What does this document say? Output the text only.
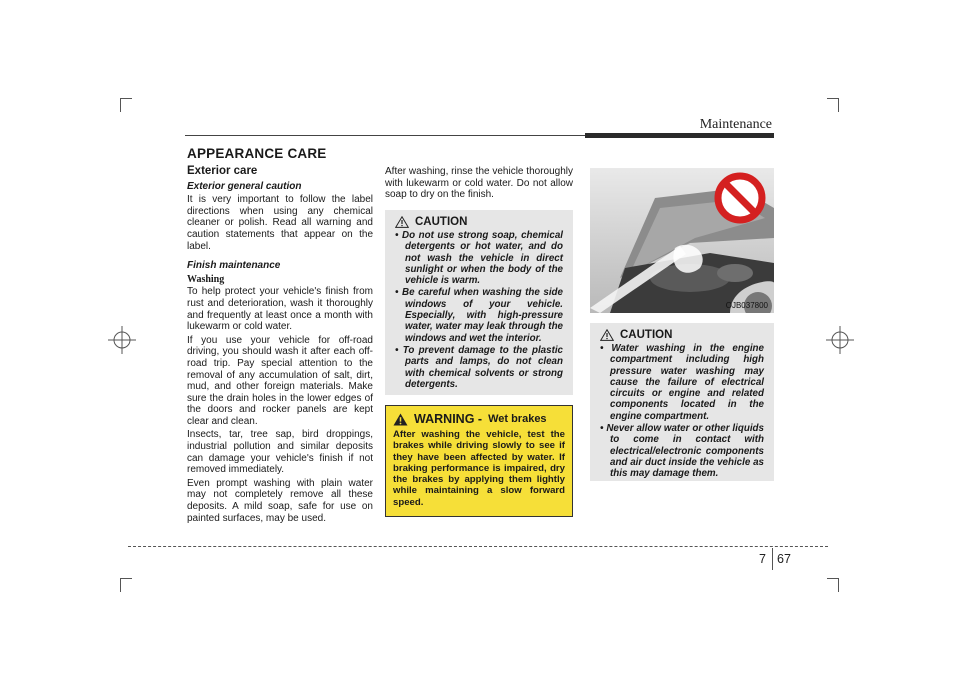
Maintenance
APPEARANCE CARE
Exterior care
Exterior general caution

It is very important to follow the label directions when using any chemical cleaner or polish. Read all warning and caution statements that appear on the label.

Finish maintenance
Washing

To help protect your vehicle's finish from rust and deterioration, wash it thoroughly and frequently at least once a month with lukewarm or cold water.

If you use your vehicle for off-road driving, you should wash it after each off-road trip. Pay special attention to the removal of any accumulation of salt, dirt, mud, and other foreign materials. Make sure the drain holes in the lower edges of the doors and rocker panels are kept clear and clean.

Insects, tar, tree sap, bird droppings, industrial pollution and similar deposits can damage your vehicle's finish if not removed immediately.

Even prompt washing with plain water may not completely remove all these deposits. A mild soap, safe for use on painted surfaces, may be used.

After washing, rinse the vehicle thoroughly with lukewarm or cold water. Do not allow soap to dry on the finish.

CAUTION
• Do not use strong soap, chemical detergents or hot water, and do not wash the vehicle in direct sunlight or when the body of the vehicle is warm.
• Be careful when washing the side windows of your vehicle. Especially, with high-pressure water, water may leak through the windows and wet the interior.
• To prevent damage to the plastic parts and lamps, do not clean with chemical solvents or strong detergents.
WARNING - Wet brakes

After washing the vehicle, test the brakes while driving slowly to see if they have been affected by water. If braking performance is impaired, dry the brakes by applying them lightly while maintaining a slow forward speed.

OJB037800
CAUTION
• Water washing in the engine compartment including high pressure water washing may cause the failure of electrical circuits or engine and related components located in the engine compartment.
• Never allow water or other liquids to come in contact with electrical/electronic components and air duct inside the vehicle as this may damage them.
7 67
